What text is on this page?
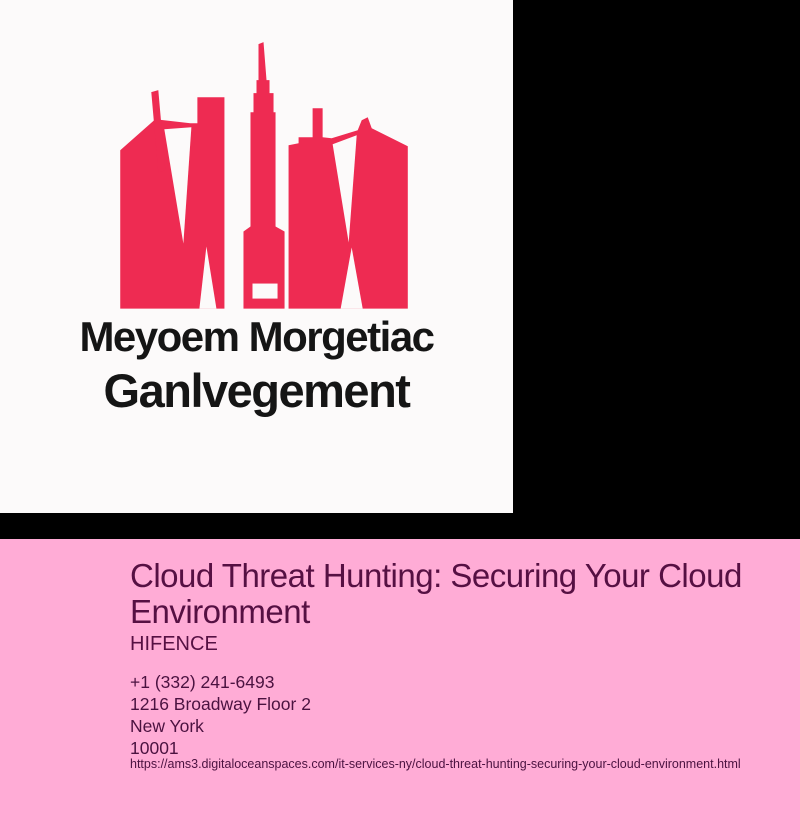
Meyoem Morgetiac
Ganlvegement
Cloud Threat Hunting: Securing Your Cloud Environment
HIFENCE
+1 (332) 241-6493
1216 Broadway Floor 2
New York
10001
https://ams3.digitaloceanspaces.com/it-services-ny/cloud-threat-hunting-securing-your-cloud-environment.html
